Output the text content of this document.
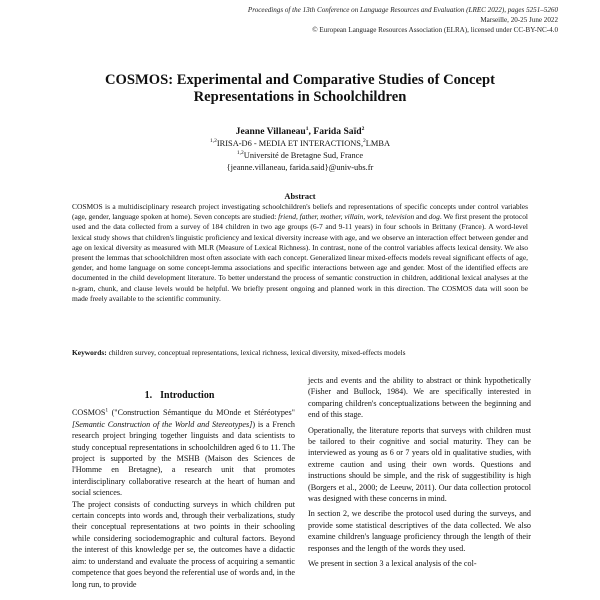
Proceedings of the 13th Conference on Language Resources and Evaluation (LREC 2022), pages 5251–5260
Marseille, 20-25 June 2022
© European Language Resources Association (ELRA), licensed under CC-BY-NC-4.0
COSMOS: Experimental and Comparative Studies of Concept
Representations in Schoolchildren
Jeanne Villaneau$^1$, Farida Saïd$^2$
$^{1,2}$IRISA-D6 - MEDIA ET INTERACTIONS,$^2$LMBA
$^{1,2}$Université de Bretagne Sud, France
{jeanne.villaneau, farida.said}@univ-ubs.fr
Abstract
COSMOS is a multidisciplinary research project investigating schoolchildren's beliefs and representations of specific concepts under control variables (age, gender, language spoken at home). Seven concepts are studied: friend, father, mother, villain, work, television and dog. We first present the protocol used and the data collected from a survey of 184 children in two age groups (6-7 and 9-11 years) in four schools in Brittany (France). A word-level lexical study shows that children's linguistic proficiency and lexical diversity increase with age, and we observe an interaction effect between gender and age on lexical diversity as measured with MLR (Measure of Lexical Richness). In contrast, none of the control variables affects lexical density. We also present the lemmas that schoolchildren most often associate with each concept. Generalized linear mixed-effects models reveal significant effects of age, gender, and home language on some concept-lemma associations and specific interactions between age and gender. Most of the identified effects are documented in the child development literature. To better understand the process of semantic construction in children, additional lexical analyses at the n-gram, chunk, and clause levels would be helpful. We briefly present ongoing and planned work in this direction. The COSMOS data will soon be made freely available to the scientific community.
Keywords: children survey, conceptual representations, lexical richness, lexical diversity, mixed-effects models
1. Introduction

COSMOS$^1$ ("Construction Sémantique du MOnde et Stéréotypes" [Semantic Construction of the World and Stereotypes]) is a French research project bringing together linguists and data scientists to study conceptual representations in schoolchildren aged 6 to 11. The project is supported by the MSHB (Maison des Sciences de l'Homme en Bretagne), a research unit that promotes interdisciplinary collaborative research at the heart of human and social sciences.

The project consists of conducting surveys in which children put certain concepts into words and, through their verbalizations, study their conceptual representations at two points in their schooling while considering sociodemographic and cultural factors. Beyond the interest of this knowledge per se, the outcomes have a didactic aim: to understand and evaluate the process of acquiring a semantic competence that goes beyond the referential use of words and, in the long run, to provide

jects and events and the ability to abstract or think hypothetically (Fisher and Bullock, 1984). We are specifically interested in comparing children's conceptualizations between the beginning and end of this stage.

Operationally, the literature reports that surveys with children must be tailored to their cognitive and social maturity. They can be interviewed as young as 6 or 7 years old in qualitative studies, with extreme caution and using their own words. Questions and instructions should be simple, and the risk of suggestibility is high (Borgers et al., 2000; de Leeuw, 2011). Our data collection protocol was designed with these concerns in mind.

In section 2, we describe the protocol used during the surveys, and provide some statistical descriptives of the data collected. We also examine children's language proficiency through the length of their responses and the length of the words they used.

We present in section 3 a lexical analysis of the col-
